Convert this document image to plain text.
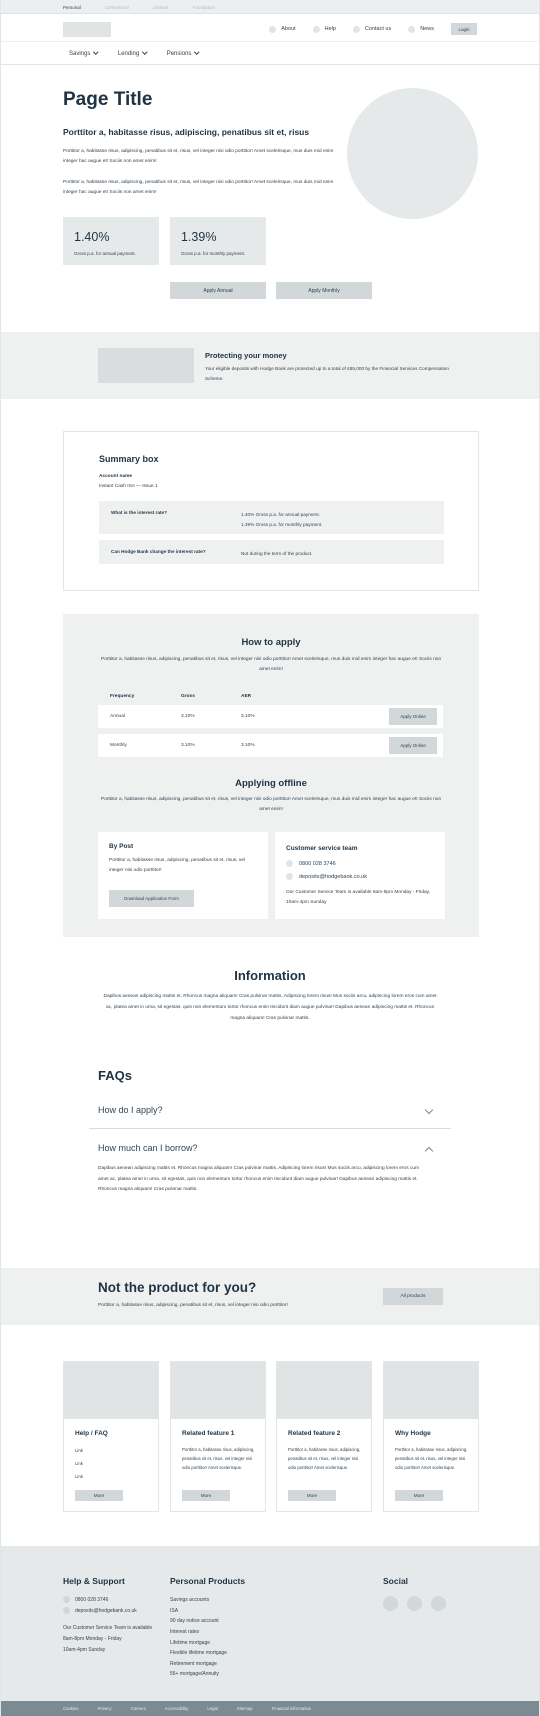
Personal	Commercial	Lifetime	Foundation
About	Help	Contact us	News	Login
Savings	Lending	Pensions
Page Title
Porttitor a, habitasse risus, adipiscing, penatibus sit et, risus
Porttitor a, habitasse risus, adipiscing, penatibus sit et, risus, vel integer nisi odio porttitor! Amet scelerisque, mus duis mid enim integer hac augue et! Sociis non amet enim!
Porttitor a, habitasse risus, adipiscing, penatibus sit et, risus, vel integer nisi odio porttitor! Amet scelerisque, mus duis mid enim integer hac augue et! Sociis non amet enim!
1.40%
Gross p.a. for annual payment.
1.39%
Gross p.a. for monthly payment.
Apply Annual	Apply Monthly
Protecting your money
Your eligible deposits with Hodge Bank are protected up to a total of £85,000 by the Financial Services Compensation Scheme.
Summary box
Account name
Instant Cash ISA — Issue 1
What is the interest rate?	1.40% Gross p.a. for annual payment.
1.39% Gross p.a. for monthly payment.
Can Hodge Bank change the interest rate?	Not during the term of the product.
How to apply
Porttitor a, habitasse risus, adipiscing, penatibus sit et, risus, vel integer nisi odio porttitor! Amet scelerisque, mus duis mid enim integer hac augue et! Sociis non amet enim!
Frequency	Gross	AER
Annual	3.10%	3.10%	Apply Online
Monthly	3.10%	3.10%	Apply Online
Applying offline
Porttitor a, habitasse risus, adipiscing, penatibus sit et, risus, vel integer nisi odio porttitor! Amet scelerisque, mus duis mid enim integer hac augue et! Sociis non amet enim!
By Post
Porttitor a, habitasse risus, adipiscing, penatibus sit et, risus, vel integer nisi odio porttitor!
Download Application Form
Customer service team
0800 028 3746
deposits@hodgebank.co.uk
Our Customer Service Team is available 8am-8pm Monday - Friday, 10am-4pm Sunday
Information
Dapibus aenean adipiscing mattis et. Rhoncus magna aliquam! Cras pulvinar mattis. Adipiscing lorem risus! Mus sociis arcu, adipiscing lorem eros cum amet ac, platea amet in urna, sit egestas, quis non elementum tortor rhoncus enim tincidunt diam augue pulvinar! Dapibus aenean adipiscing mattis et. Rhoncus magna aliquam! Cras pulvinar mattis.
FAQs
How do I apply?
How much can I borrow?
Dapibus aenean adipiscing mattis et. Rhoncus magna aliquam! Cras pulvinar mattis. Adipiscing lorem risus! Mus sociis arcu, adipiscing lorem eros cum amet ac, platea amet in urna, sit egestas, quis non elementum tortor rhoncus enim tincidunt diam augue pulvinar! Dapibus aenean adipiscing mattis et. Rhoncus magna aliquam! Cras pulvinar mattis.
Not the product for you?
Porttitor a, habitasse risus, adipiscing, penatibus sit et, risus, vel integer nisi odio porttitor!
All products
Help / FAQ
Link
Link
Link
More
Related feature 1
Porttitor a, habitasse risus, adipiscing, penatibus sit et, risus, vel integer nisi odio porttitor! Amet scelerisque.
More
Related feature 2
Porttitor a, habitasse risus, adipiscing, penatibus sit et, risus, vel integer nisi odio porttitor! Amet scelerisque.
More
Why Hodge
Porttitor a, habitasse risus, adipiscing, penatibus sit et, risus, vel integer nisi odio porttitor! Amet scelerisque.
More
Help & Support
0800 028 3746
deposits@hodgebank.co.uk
Our Customer Service Team is available
8am-8pm Monday - Friday
10am-4pm Sunday
Personal Products
Savings accounts
ISA
90 day notice account
Interest rates
Lifetime mortgage
Flexible lifetime mortgage
Retirement mortgage
55+ mortgage/Annuity
Social
Cookies	Privacy	Careers	Accessibility	Legal	Sitemap	Financial information
